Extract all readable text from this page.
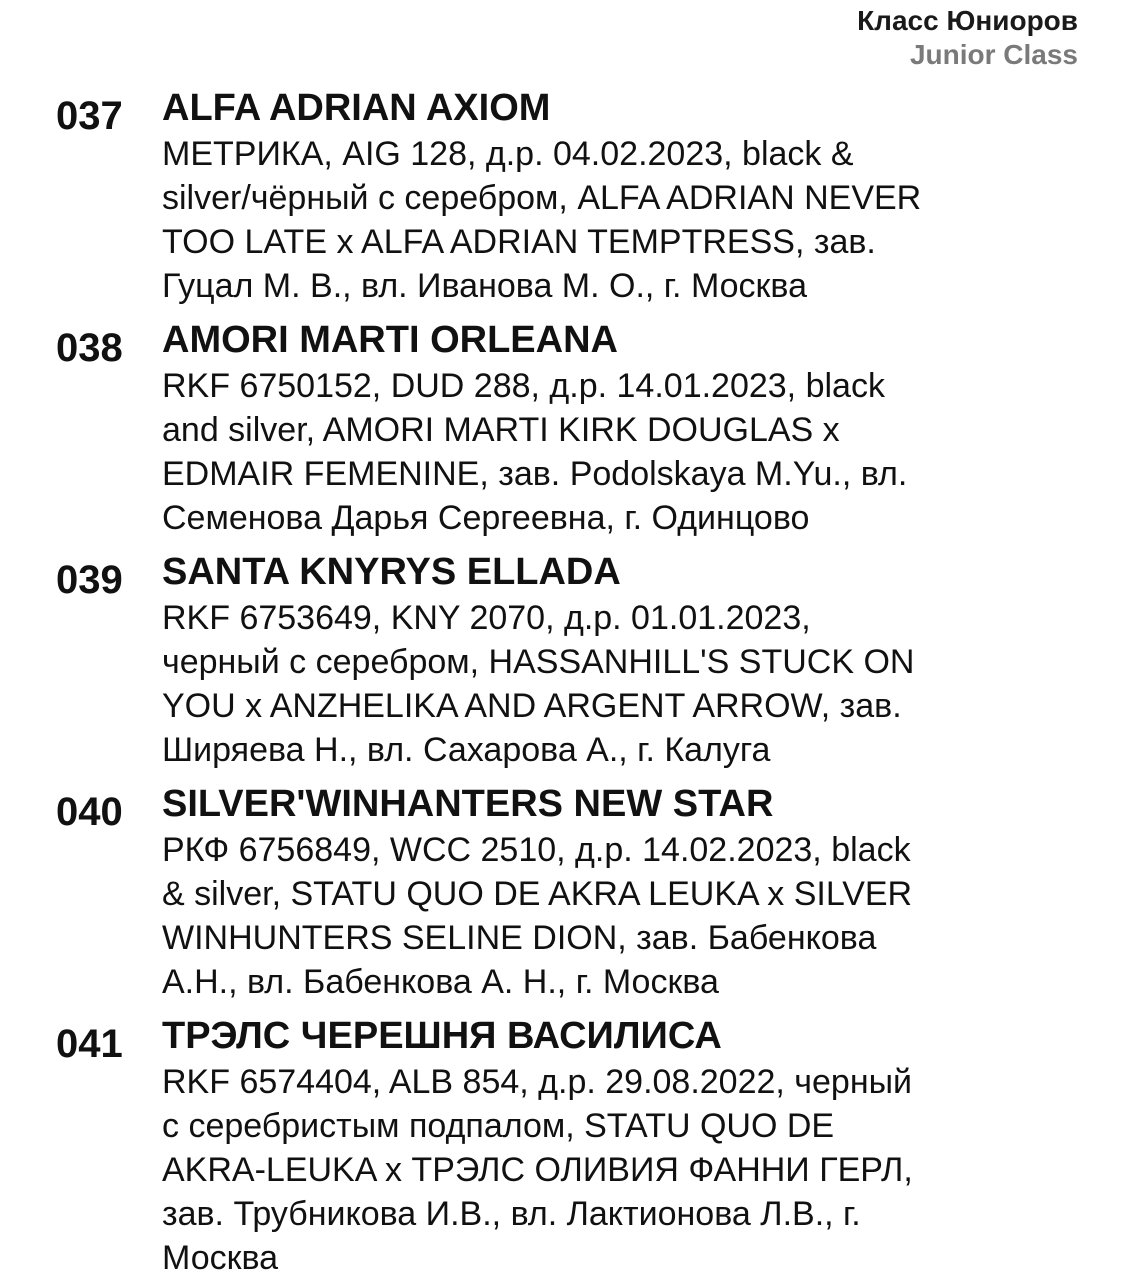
Класс Юниоров
Junior Class
037 ALFA ADRIAN AXIOM
МЕТРИКА, AIG 128, д.р. 04.02.2023, black &
silver/чёрный с серебром, ALFA ADRIAN NEVER
TOO LATE x ALFA ADRIAN TEMPTRESS, зав.
Гуцал М. В., вл. Иванова М. О., г. Москва
038 AMORI MARTI ORLEANA
RKF 6750152, DUD 288, д.р. 14.01.2023, black
and silver, AMORI MARTI KIRK DOUGLAS x
EDMAIR FEMENINE, зав. Podolskaya M.Yu., вл.
Семенова Дарья Сергеевна, г. Одинцово
039 SANTA KNYRYS ELLADA
RKF 6753649, KNY 2070, д.р. 01.01.2023,
черный с серебром, HASSANHILL'S STUCK ON
YOU x ANZHELIKA AND ARGENT ARROW, зав.
Ширяева Н., вл. Сахарова А., г. Калуга
040 SILVER'WINHANTERS NEW STAR
РКФ 6756849, WCC 2510, д.р. 14.02.2023, black
& silver, STATU QUO DE AKRA LEUKA x SILVER
WINHUNTERS SELINE DION, зав. Бабенкова
А.Н., вл. Бабенкова А. Н., г. Москва
041 ТРЭЛС ЧЕРЕШНЯ ВАСИЛИСА
RKF 6574404, ALB 854, д.р. 29.08.2022, черный
с серебристым подпалом, STATU QUO DE
AKRA-LEUKA x ТРЭЛС ОЛИВИЯ ФАННИ ГЕРЛ,
зав. Трубникова И.В., вл. Лактионова Л.В., г.
Москва
